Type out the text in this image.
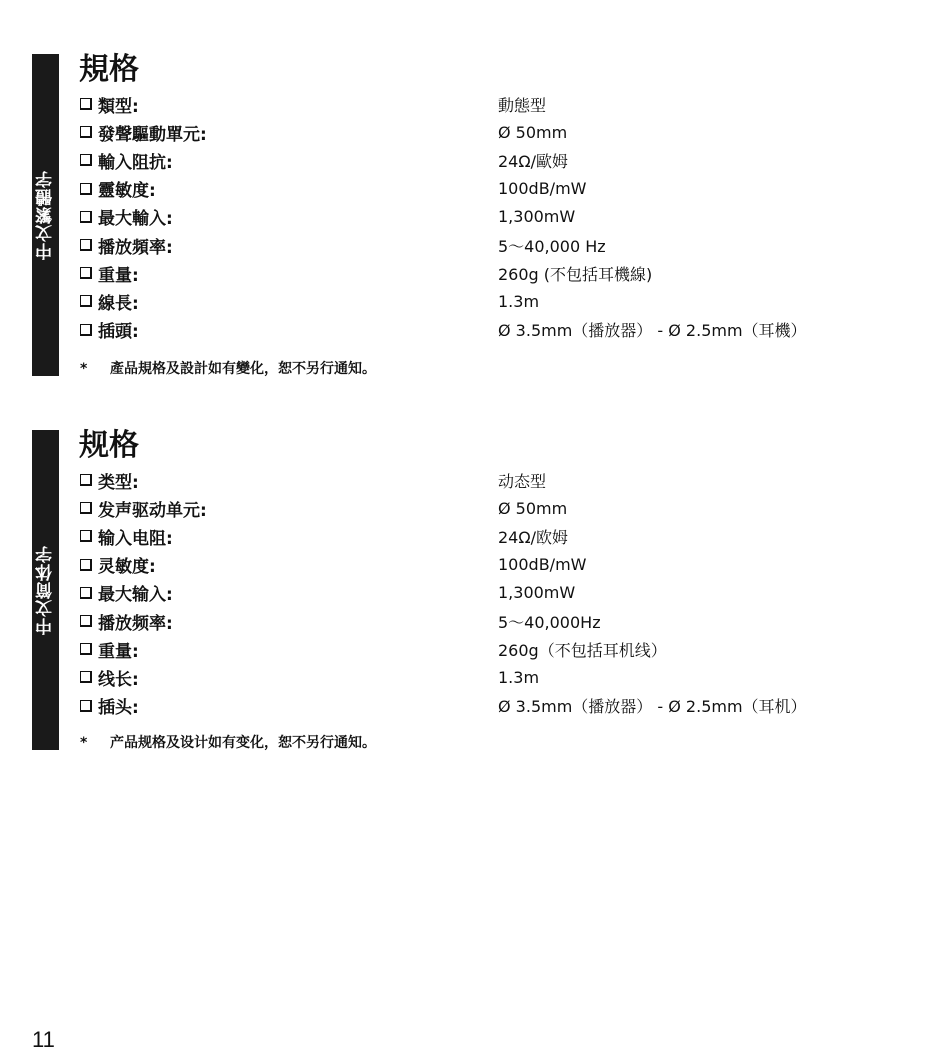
中文繁體字
規格
類型:	動態型
發聲驅動單元:	Ø 50mm
輸入阻抗:	24Ω/歐姆
靈敏度:	100dB/mW
最大輸入:	1,300mW
播放頻率:	5〜40,000 Hz
重量:	260g (不包括耳機線)
線長:	1.3m
插頭:	Ø 3.5mm（播放器） - Ø 2.5mm（耳機）
* 產品規格及設計如有變化，恕不另行通知。
中文简体字
规格
类型:	动态型
发声驱动单元:	Ø 50mm
输入电阻:	24Ω/欧姆
灵敏度:	100dB/mW
最大输入:	1,300mW
播放频率:	5〜40,000Hz
重量:	260g（不包括耳机线）
线长:	1.3m
插头:	Ø 3.5mm（播放器） - Ø 2.5mm（耳机）
* 产品规格及设计如有变化，恕不另行通知。
11
